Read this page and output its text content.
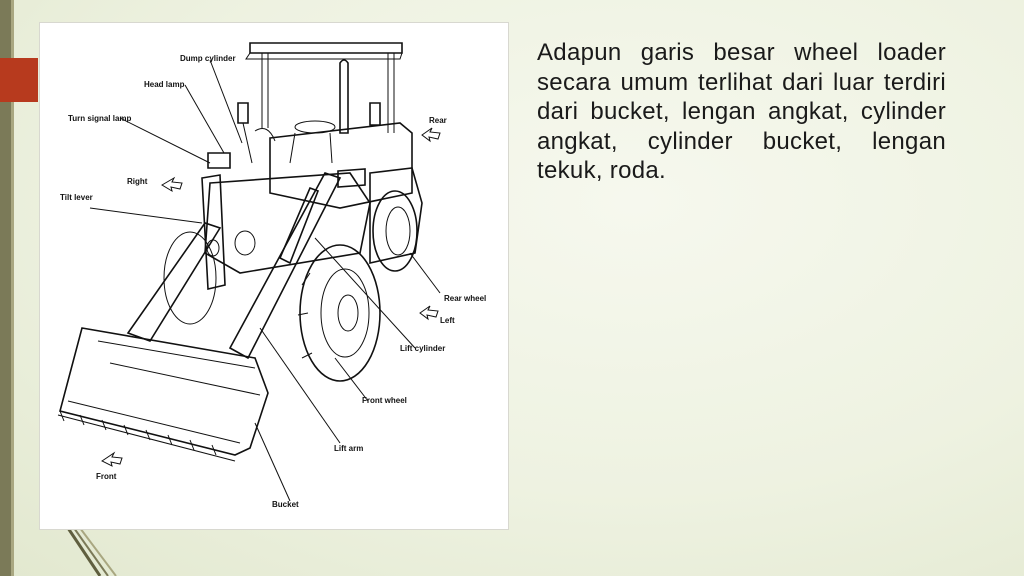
Dump cylinder
Head lamp
Turn signal lamp
Right
Tilt lever
Rear
Rear wheel
Left
Lift cylinder
Front wheel
Lift arm
Front
Bucket
Adapun garis besar wheel loader secara umum terlihat dari luar terdiri dari bucket, lengan angkat, cylinder angkat, cylinder bucket, lengan tekuk, roda.
